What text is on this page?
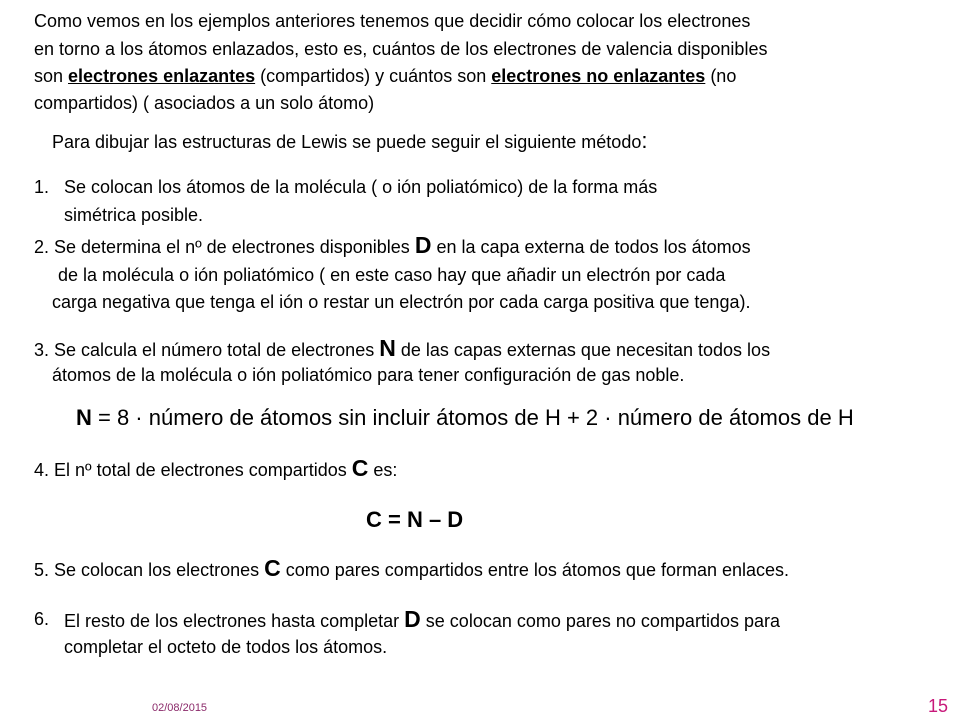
Como vemos en los ejemplos anteriores tenemos que decidir cómo colocar los electrones
en torno a los átomos enlazados, esto es, cuántos de los electrones de valencia disponibles
son electrones enlazantes (compartidos) y cuántos son electrones no enlazantes (no
compartidos) ( asociados a un solo átomo)
Para dibujar las estructuras de Lewis se puede seguir el siguiente método:
1. Se colocan los átomos de la molécula ( o ión poliatómico) de la forma más
simétrica posible.
2. Se determina el nº de electrones disponibles D en la capa externa de todos los átomos
de la molécula o ión poliatómico ( en este caso hay que añadir un electrón por cada
carga negativa que tenga el ión o restar un electrón por cada carga positiva que tenga).
3. Se calcula el número total de electrones N de las capas externas que necesitan todos los
átomos de la molécula o ión poliatómico para tener configuración de gas noble.
N = 8 · número de átomos sin incluir átomos de H + 2 · número de átomos de H
4. El nº total de electrones compartidos C es:
C = N – D
5. Se colocan los electrones C como pares compartidos entre los átomos que forman enlaces.
6. El resto de los electrones hasta completar D se colocan como pares no compartidos para
completar el octeto de todos los átomos.
02/08/2015	15
